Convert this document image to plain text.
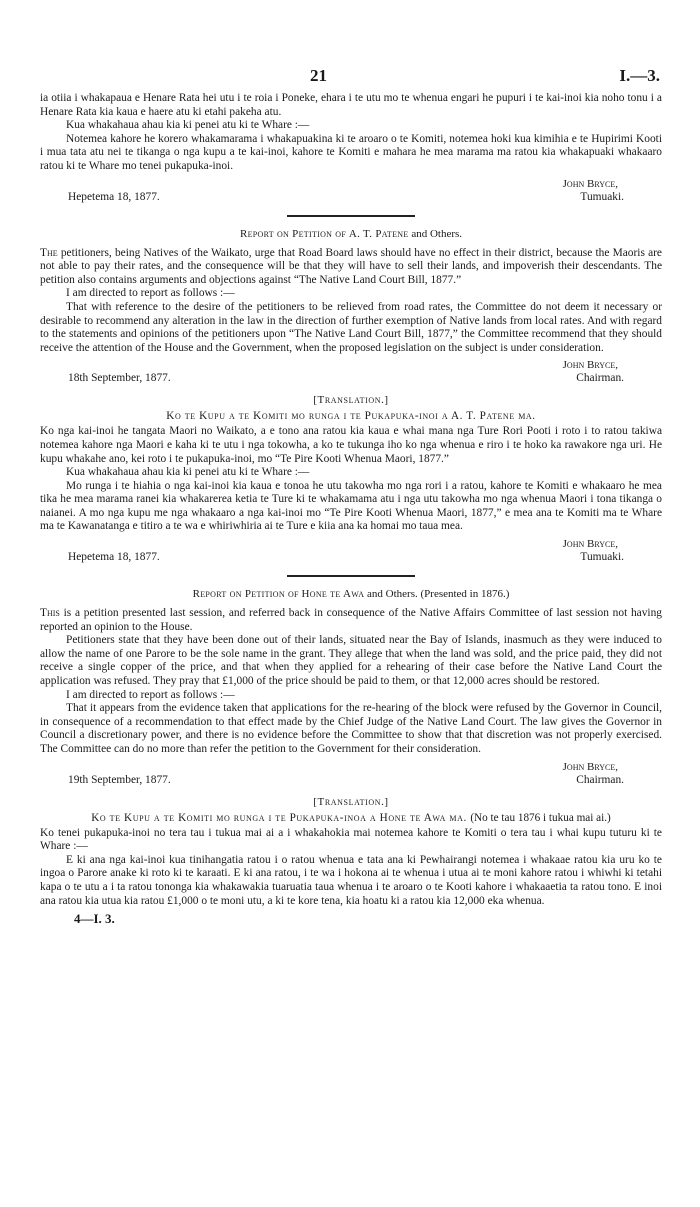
21	I.—3.

ia otiia i whakapaua e Henare Rata hei utu i te roia i Poneke, ehara i te utu mo te whenua engari he pupuri i te kai-inoi kia noho tonu i a Henare Rata kia kaua e haere atu ki etahi pakeha atu.

Kua whakahaua ahau kia ki penei atu ki te Whare :—

Notemea kahore he korero whakamarama i whakapuakina ki te aroaro o te Komiti, notemea hoki kua kimihia e te Hupirimi Kooti i mua tata atu nei te tikanga o nga kupu a te kai-inoi, kahore te Komiti e mahara he mea marama ma ratou kia whakapuaki whakaaro ratou ki te Whare mo tenei pukapuka-inoi.

John Bryce,
Hepetema 18, 1877.	Tumuaki.
Report on Petition of A. T. Patene and Others.

The petitioners, being Natives of the Waikato, urge that Road Board laws should have no effect in their district, because the Maoris are not able to pay their rates, and the consequence will be that they will have to sell their lands, and impoverish their descendants. The petition also contains arguments and objections against “The Native Land Court Bill, 1877.”

I am directed to report as follows :—

That with reference to the desire of the petitioners to be relieved from road rates, the Committee do not deem it necessary or desirable to recommend any alteration in the law in the direction of further exemption of Native lands from local rates. And with regard to the statements and opinions of the petitioners upon “The Native Land Court Bill, 1877,” the Committee recommend that they should receive the attention of the House and the Government, when the proposed legislation on the subject is under consideration.

John Bryce,
18th September, 1877.	Chairman.
[Translation.]
Ko te Kupu a te Komiti mo runga i te Pukapuka-inoi a A. T. Patene ma.

Ko nga kai-inoi he tangata Maori no Waikato, a e tono ana ratou kia kaua e whai mana nga Ture Rori Pooti i roto i to ratou takiwa notemea kahore nga Maori e kaha ki te utu i nga tokowha, a ko te tukunga iho ko nga whenua e riro i te hoko ka rawakore nga uri. He kupu whakahe ano, kei roto i te pukapuka-inoi, mo “Te Pire Kooti Whenua Maori, 1877.”

Kua whakahaua ahau kia ki penei atu ki te Whare :—

Mo runga i te hiahia o nga kai-inoi kia kaua e tonoa he utu takowha mo nga rori i a ratou, kahore te Komiti e whakaaro he mea tika he mea marama ranei kia whakarerea ketia te Ture ki te whakamama atu i nga utu takowha mo nga whenua Maori i tona tikanga o naianei. A mo nga kupu me nga whakaaro a nga kai-inoi mo “Te Pire Kooti Whenua Maori, 1877,” e mea ana te Komiti ma te Whare ma te Kawanatanga e titiro a te wa e whiriwhiria ai te Ture e kiia ana ka homai mo taua mea.

John Bryce,
Hepetema 18, 1877.	Tumuaki.
Report on Petition of Hone te Awa and Others. (Presented in 1876.)

This is a petition presented last session, and referred back in consequence of the Native Affairs Committee of last session not having reported an opinion to the House.

Petitioners state that they have been done out of their lands, situated near the Bay of Islands, inasmuch as they were induced to allow the name of one Parore to be the sole name in the grant. They allege that when the land was sold, and the price paid, they did not receive a single copper of the price, and that when they applied for a rehearing of their case before the Native Land Court the application was refused. They pray that £1,000 of the price should be paid to them, or that 12,000 acres should be restored.

I am directed to report as follows :—

That it appears from the evidence taken that applications for the re-hearing of the block were refused by the Governor in Council, in consequence of a recommendation to that effect made by the Chief Judge of the Native Land Court. The law gives the Governor in Council a discretionary power, and there is no evidence before the Committee to show that that discretion was not properly exercised. The Committee can do no more than refer the petition to the Government for their consideration.

John Bryce,
19th September, 1877.	Chairman.
[Translation.]
Ko te Kupu a te Komiti mo runga i te Pukapuka-inoa a Hone te Awa ma. (No te tau 1876 i tukua mai ai.)

Ko tenei pukapuka-inoi no tera tau i tukua mai ai a i whakahokia mai notemea kahore te Komiti o tera tau i whai kupu tuturu ki te Whare :—

E ki ana nga kai-inoi kua tinihangatia ratou i o ratou whenua e tata ana ki Pewhairangi notemea i whakaae ratou kia uru ko te ingoa o Parore anake ki roto ki te karaati. E ki ana ratou, i te wa i hokona ai te whenua i utua ai te moni kahore ratou i whiwhi ki tetahi kapa o te utu a i ta ratou tononga kia whakawakia tuaruatia taua whenua i te aroaro o te Kooti kahore i whakaaetia ta ratou tono. E inoi ana ratou kia utua kia ratou £1,000 o te moni utu, a ki te kore tena, kia hoatu ki a ratou kia 12,000 eka whenua.

4—I. 3.
